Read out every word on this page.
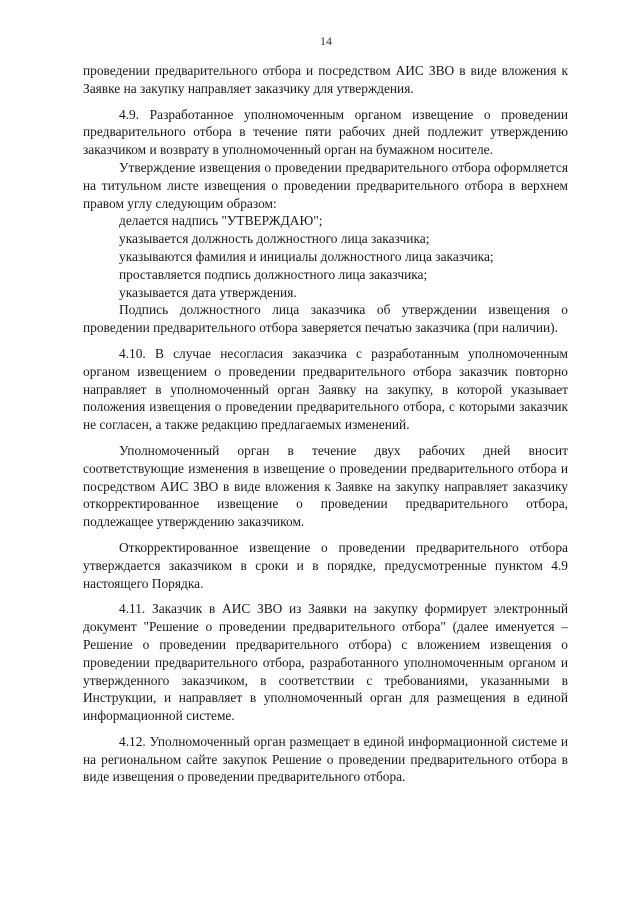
14

проведении предварительного отбора и посредством АИС ЗВО в виде вложения к Заявке на закупку направляет заказчику для утверждения.

4.9. Разработанное уполномоченным органом извещение о проведении предварительного отбора в течение пяти рабочих дней подлежит утверждению заказчиком и возврату в уполномоченный орган на бумажном носителе.

Утверждение извещения о проведении предварительного отбора оформляется на титульном листе извещения о проведении предварительного отбора в верхнем правом углу следующим образом:

делается надпись "УТВЕРЖДАЮ";

указывается должность должностного лица заказчика;

указываются фамилия и инициалы должностного лица заказчика;

проставляется подпись должностного лица заказчика;

указывается дата утверждения.

Подпись должностного лица заказчика об утверждении извещения о проведении предварительного отбора заверяется печатью заказчика (при наличии).

4.10. В случае несогласия заказчика с разработанным уполномоченным органом извещением о проведении предварительного отбора заказчик повторно направляет в уполномоченный орган Заявку на закупку, в которой указывает положения извещения о проведении предварительного отбора, с которыми заказчик не согласен, а также редакцию предлагаемых изменений.

Уполномоченный орган в течение двух рабочих дней вносит соответствующие изменения в извещение о проведении предварительного отбора и посредством АИС ЗВО в виде вложения к Заявке на закупку направляет заказчику откорректированное извещение о проведении предварительного отбора, подлежащее утверждению заказчиком.

Откорректированное извещение о проведении предварительного отбора утверждается заказчиком в сроки и в порядке, предусмотренные пунктом 4.9 настоящего Порядка.

4.11. Заказчик в АИС ЗВО из Заявки на закупку формирует электронный документ "Решение о проведении предварительного отбора" (далее именуется – Решение о проведении предварительного отбора) с вложением извещения о проведении предварительного отбора, разработанного уполномоченным органом и утвержденного заказчиком, в соответствии с требованиями, указанными в Инструкции, и направляет в уполномоченный орган для размещения в единой информационной системе.

4.12. Уполномоченный орган размещает в единой информационной системе и на региональном сайте закупок Решение о проведении предварительного отбора в виде извещения о проведении предварительного отбора.
